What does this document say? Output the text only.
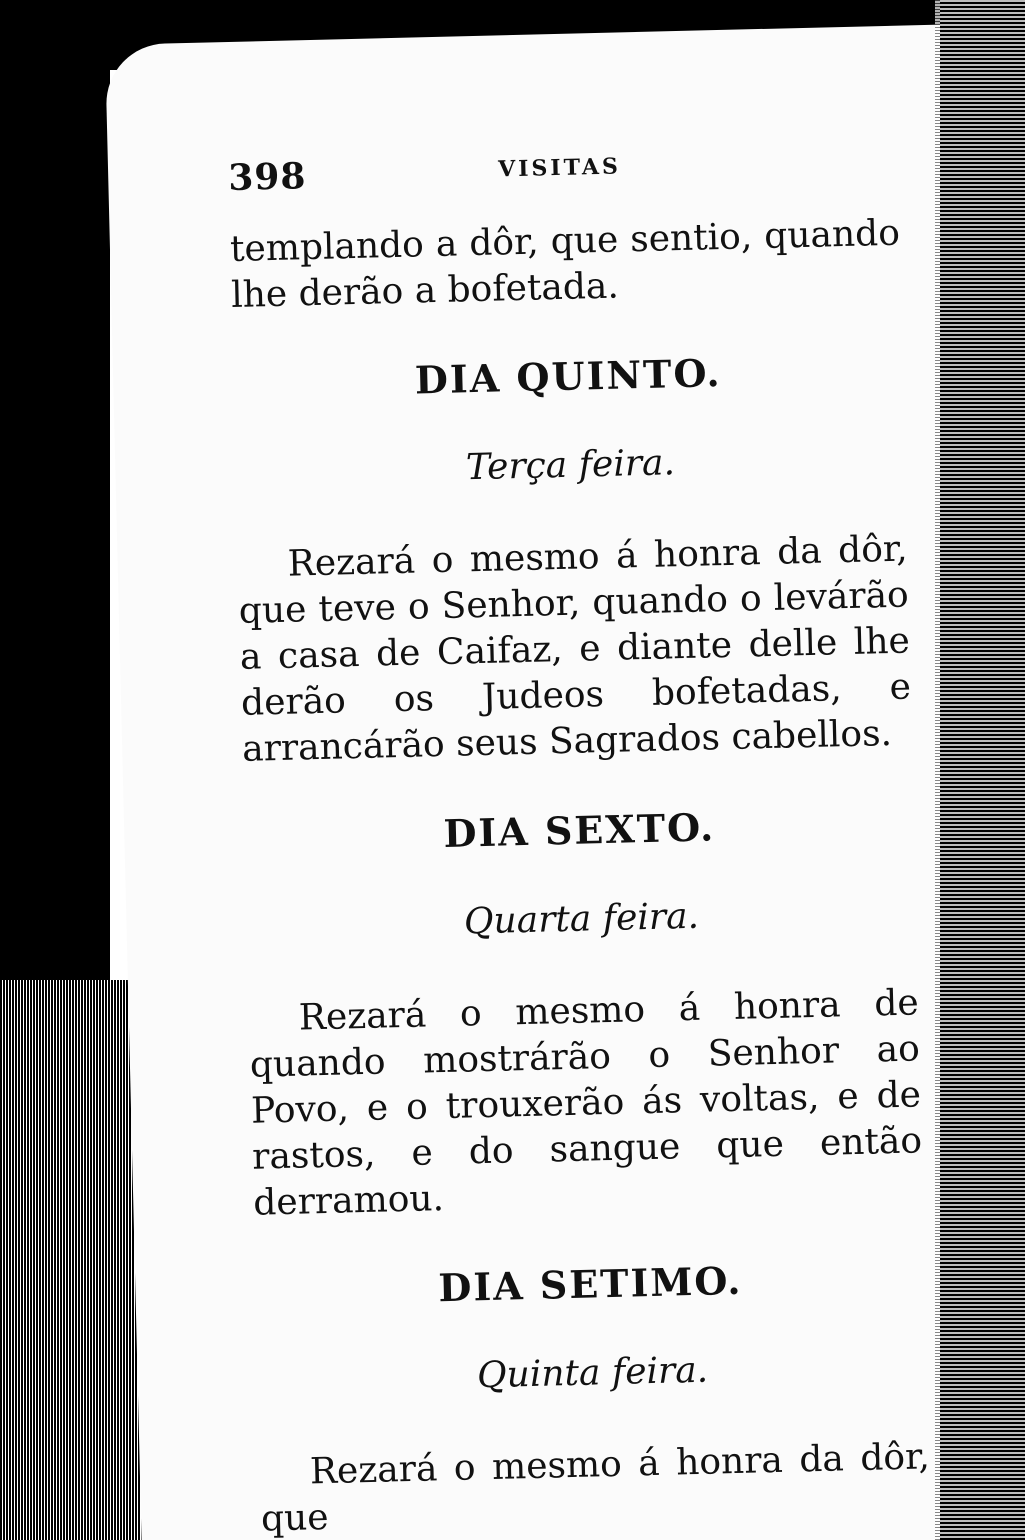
398	VISITAS

templando a dôr, que sentio, quando lhe derão a bofetada.

DIA QUINTO.
Terça feira.

Rezará o mesmo á honra da dôr, que teve o Senhor, quando o levárão a casa de Caifaz, e diante delle lhe derão os Judeos bofetadas, e arrancárão seus Sagrados cabellos.

DIA SEXTO.
Quarta feira.

Rezará o mesmo á honra de quando mostrárão o Senhor ao Povo, e o trouxerão ás voltas, e de rastos, e do sangue que então derramou.

DIA SETIMO.
Quinta feira.

Rezará o mesmo á honra da dôr, que
